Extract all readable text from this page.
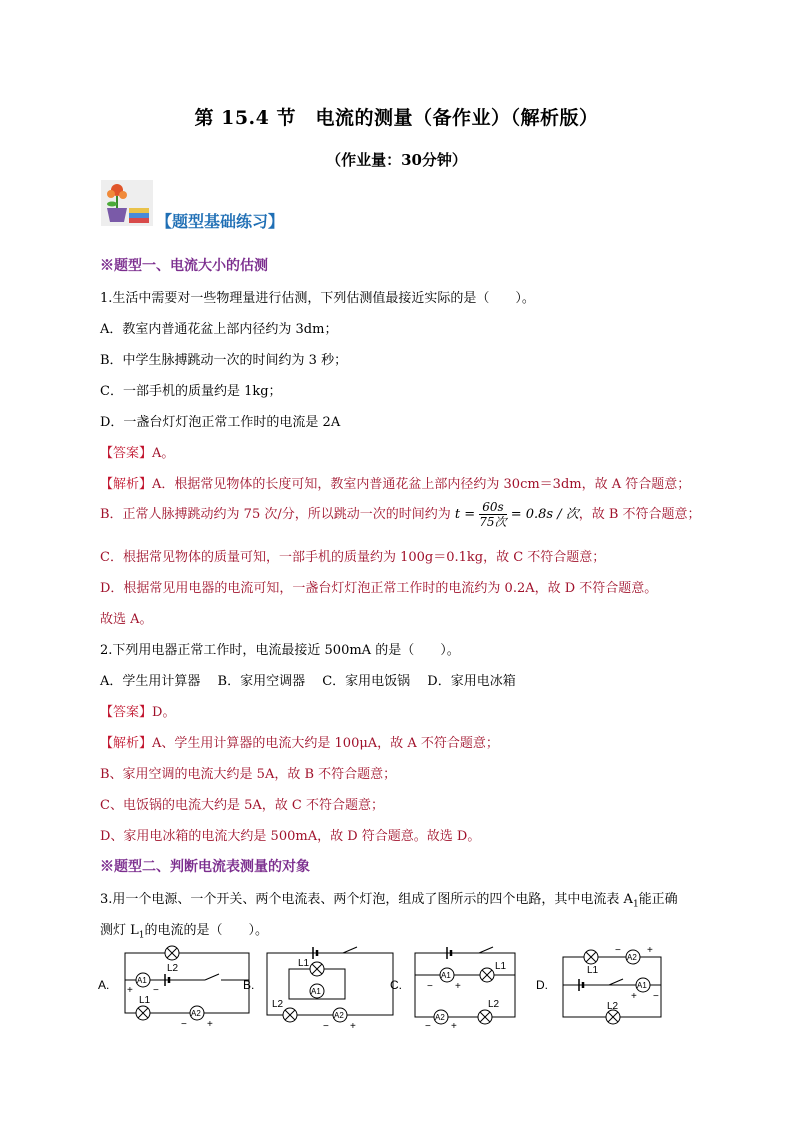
第 15.4 节　电流的测量（备作业）（解析版）
（作业量：30分钟）
【题型基础练习】
※题型一、电流大小的估测
1.生活中需要对一些物理量进行估测，下列估测值最接近实际的是（　　）。
A．教室内普通花盆上部内径约为 3dm；
B．中学生脉搏跳动一次的时间约为 3 秒；
C．一部手机的质量约是 1kg；
D．一盏台灯灯泡正常工作时的电流是 2A
【答案】A。
【解析】A．根据常见物体的长度可知，教室内普通花盆上部内径约为 30cm＝3dm，故 A 符合题意；
B．正常人脉搏跳动约为 75 次/分，所以跳动一次的时间约为 $t = \frac{60s}{\text{75次}} = 0.8s$ / 次，故 B 不符合题意；
C．根据常见物体的质量可知，一部手机的质量约为 100g＝0.1kg，故 C 不符合题意；
D．根据常见用电器的电流可知，一盏台灯灯泡正常工作时的电流约为 0.2A，故 D 不符合题意。
故选 A。
2.下列用电器正常工作时，电流最接近 500mA 的是（　　）。
A．学生用计算器　 B．家用空调器　 C．家用电饭锅　 D．家用电冰箱
【答案】D。
【解析】A、学生用计算器的电流大约是 100μA，故 A 不符合题意；
B、家用空调的电流大约是 5A，故 B 不符合题意；
C、电饭锅的电流大约是 5A，故 C 不符合题意；
D、家用电冰箱的电流大约是 500mA，故 D 符合题意。故选 D。
※题型二、判断电流表测量的对象
3.用一个电源、一个开关、两个电流表、两个灯泡，组成了图所示的四个电路，其中电流表 $A_1$能正确
测灯 $L_1$的电流的是（　　）。
A.
L2
A1
+ −
L1
A2
− +
B.
L1
A1
L2
A2
− +
C.
A1
− +
L1
A2
− +
L2
D.
L1
A2
−	+
A1
+ −
L2
